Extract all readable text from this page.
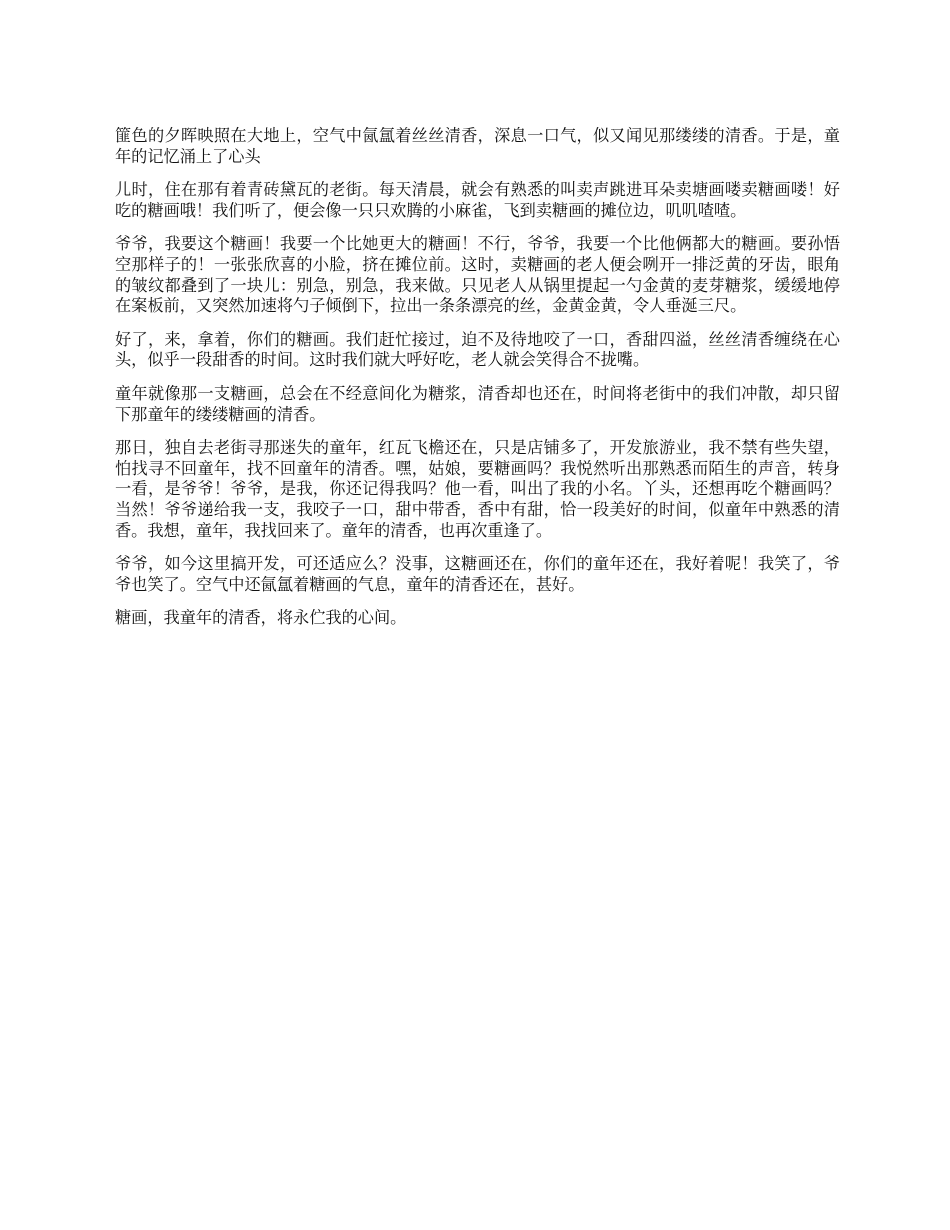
篚色的夕晖映照在大地上，空气中氤氲着丝丝清香，深息一口气，似又闻见那缕缕的清香。于是，童年的记忆涌上了心头

儿时，住在那有着青砖黛瓦的老街。每天清晨，就会有熟悉的叫卖声跳进耳朵卖塘画喽卖糖画喽！好吃的糖画哦！我们听了，便会像一只只欢腾的小麻雀，飞到卖糖画的摊位边，叽叽喳喳。

爷爷，我要这个糖画！我要一个比她更大的糖画！不行，爷爷，我要一个比他俩都大的糖画。要孙悟空那样子的！一张张欣喜的小脸，挤在摊位前。这时，卖糖画的老人便会咧开一排泛黄的牙齿，眼角的皱纹都叠到了一块儿：别急，别急，我来做。只见老人从锅里提起一勺金黄的麦芽糖浆，缓缓地停在案板前，又突然加速将勺子倾倒下，拉出一条条漂亮的丝，金黄金黄，令人垂涎三尺。

好了，来，拿着，你们的糖画。我们赶忙接过，迫不及待地咬了一口，香甜四溢，丝丝清香缠绕在心头，似乎一段甜香的时间。这时我们就大呼好吃，老人就会笑得合不拢嘴。

童年就像那一支糖画，总会在不经意间化为糖浆，清香却也还在，时间将老街中的我们冲散，却只留下那童年的缕缕糖画的清香。

那日，独自去老街寻那迷失的童年，红瓦飞檐还在，只是店铺多了，开发旅游业，我不禁有些失望，怕找寻不回童年，找不回童年的清香。嘿，姑娘，要糖画吗？我悦然听出那熟悉而陌生的声音，转身一看，是爷爷！爷爷，是我，你还记得我吗？他一看，叫出了我的小名。丫头，还想再吃个糖画吗？当然！爷爷递给我一支，我咬子一口，甜中带香，香中有甜，恰一段美好的时间，似童年中熟悉的清香。我想，童年，我找回来了。童年的清香，也再次重逢了。

爷爷，如今这里搞开发，可还适应么？没事，这糖画还在，你们的童年还在，我好着呢！我笑了，爷爷也笑了。空气中还氤氲着糖画的气息，童年的清香还在，甚好。

糖画，我童年的清香，将永伫我的心间。
